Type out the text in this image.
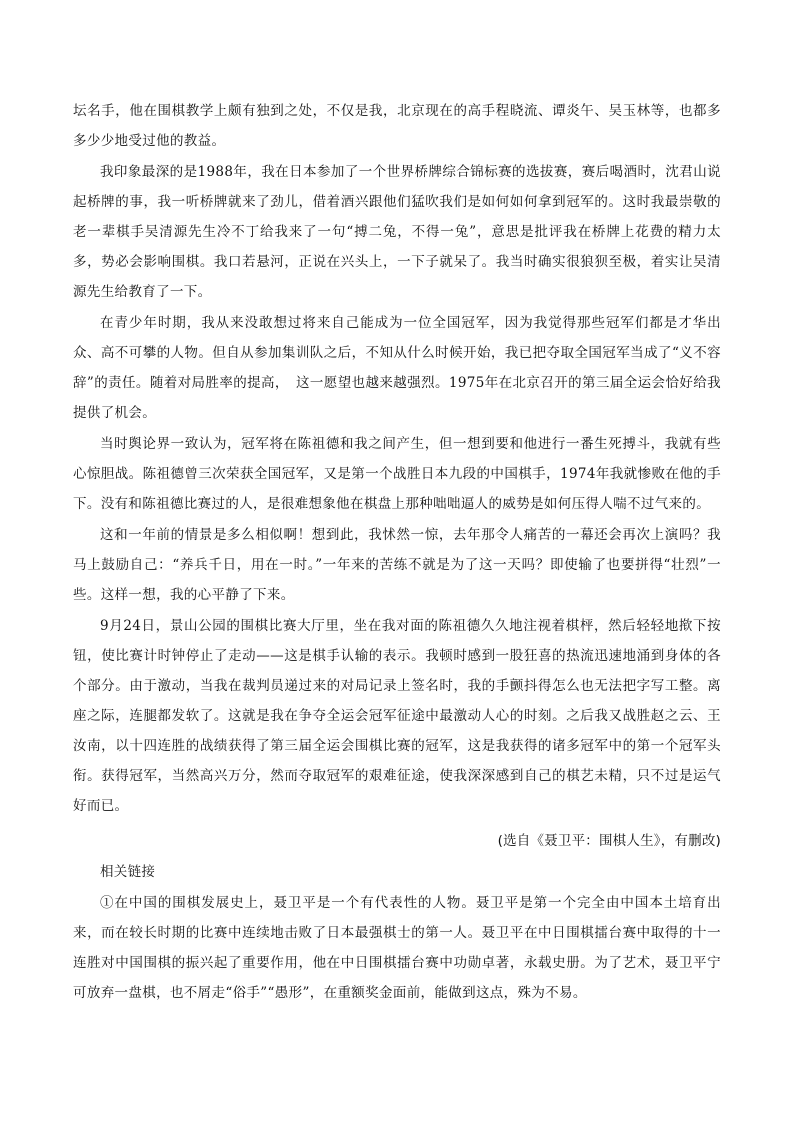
坛名手，他在围棋教学上颇有独到之处，不仅是我，北京现在的高手程晓流、谭炎午、吴玉林等，也都多多少少地受过他的教益。

我印象最深的是1988年，我在日本参加了一个世界桥牌综合锦标赛的选拔赛，赛后喝酒时，沈君山说起桥牌的事，我一听桥牌就来了劲儿，借着酒兴跟他们猛吹我们是如何如何拿到冠军的。这时我最崇敬的老一辈棋手吴清源先生冷不丁给我来了一句“搏二兔，不得一兔”，意思是批评我在桥牌上花费的精力太多，势必会影响围棋。我口若悬河，正说在兴头上，一下子就呆了。我当时确实很狼狈至极，着实让吴清源先生给教育了一下。

在青少年时期，我从来没敢想过将来自己能成为一位全国冠军，因为我觉得那些冠军们都是才华出众、高不可攀的人物。但自从参加集训队之后，不知从什么时候开始，我已把夺取全国冠军当成了“义不容辞”的责任。随着对局胜率的提高，　这一愿望也越来越强烈。1975年在北京召开的第三届全运会恰好给我提供了机会。

当时舆论界一致认为，冠军将在陈祖德和我之间产生，但一想到要和他进行一番生死搏斗，我就有些心惊胆战。陈祖德曾三次荣获全国冠军，又是第一个战胜日本九段的中国棋手，1974年我就惨败在他的手下。没有和陈祖德比赛过的人，是很难想象他在棋盘上那种咄咄逼人的威势是如何压得人喘不过气来的。

这和一年前的情景是多么相似啊！想到此，我怵然一惊，去年那令人痛苦的一幕还会再次上演吗？我马上鼓励自己：“养兵千日，用在一时。”一年来的苦练不就是为了这一天吗？即使输了也要拼得“壮烈”一些。这样一想，我的心平静了下来。

9月24日，景山公园的围棋比赛大厅里，坐在我对面的陈祖德久久地注视着棋枰，然后轻轻地揿下按钮，使比赛计时钟停止了走动——这是棋手认输的表示。我顿时感到一股狂喜的热流迅速地涌到身体的各个部分。由于激动，当我在裁判员递过来的对局记录上签名时，我的手颤抖得怎么也无法把字写工整。离座之际，连腿都发软了。这就是我在争夺全运会冠军征途中最激动人心的时刻。之后我又战胜赵之云、王汝南，以十四连胜的战绩获得了第三届全运会围棋比赛的冠军，这是我获得的诸多冠军中的第一个冠军头衔。获得冠军，当然高兴万分，然而夺取冠军的艰难征途，使我深深感到自己的棋艺未精，只不过是运气好而已。

(选自《聂卫平：围棋人生》，有删改)

相关链接

①在中国的围棋发展史上，聂卫平是一个有代表性的人物。聂卫平是第一个完全由中国本土培育出来，而在较长时期的比赛中连续地击败了日本最强棋士的第一人。聂卫平在中日围棋擂台赛中取得的十一连胜对中国围棋的振兴起了重要作用，他在中日围棋擂台赛中功勋卓著，永载史册。为了艺术，聂卫平宁可放弃一盘棋，也不屑走“俗手”“愚形”，在重额奖金面前，能做到这点，殊为不易。
